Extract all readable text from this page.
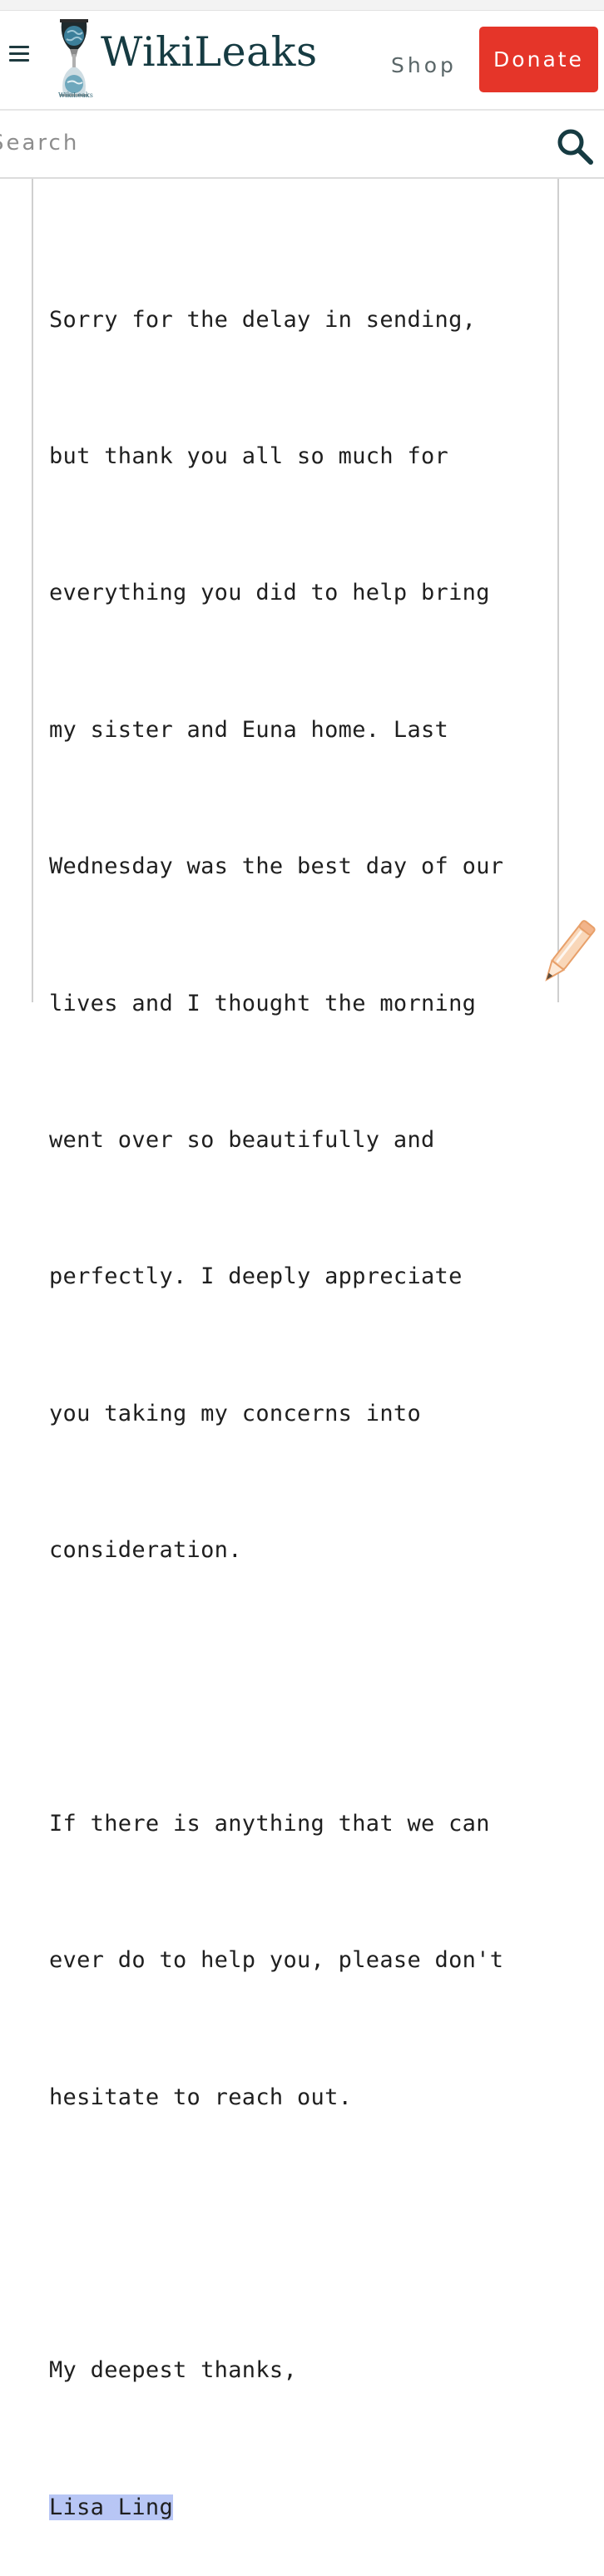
WikiLeaks
WikiLeaks	Shop	Donate
Search

Sorry for the delay in sending,

but thank you all so much for

everything you did to help bring

my sister and Euna home. Last

Wednesday was the best day of our

lives and I thought the morning

went over so beautifully and

perfectly. I deeply appreciate

you taking my concerns into

consideration.

If there is anything that we can

ever do to help you, please don't

hesitate to reach out.

My deepest thanks,

Lisa Ling
